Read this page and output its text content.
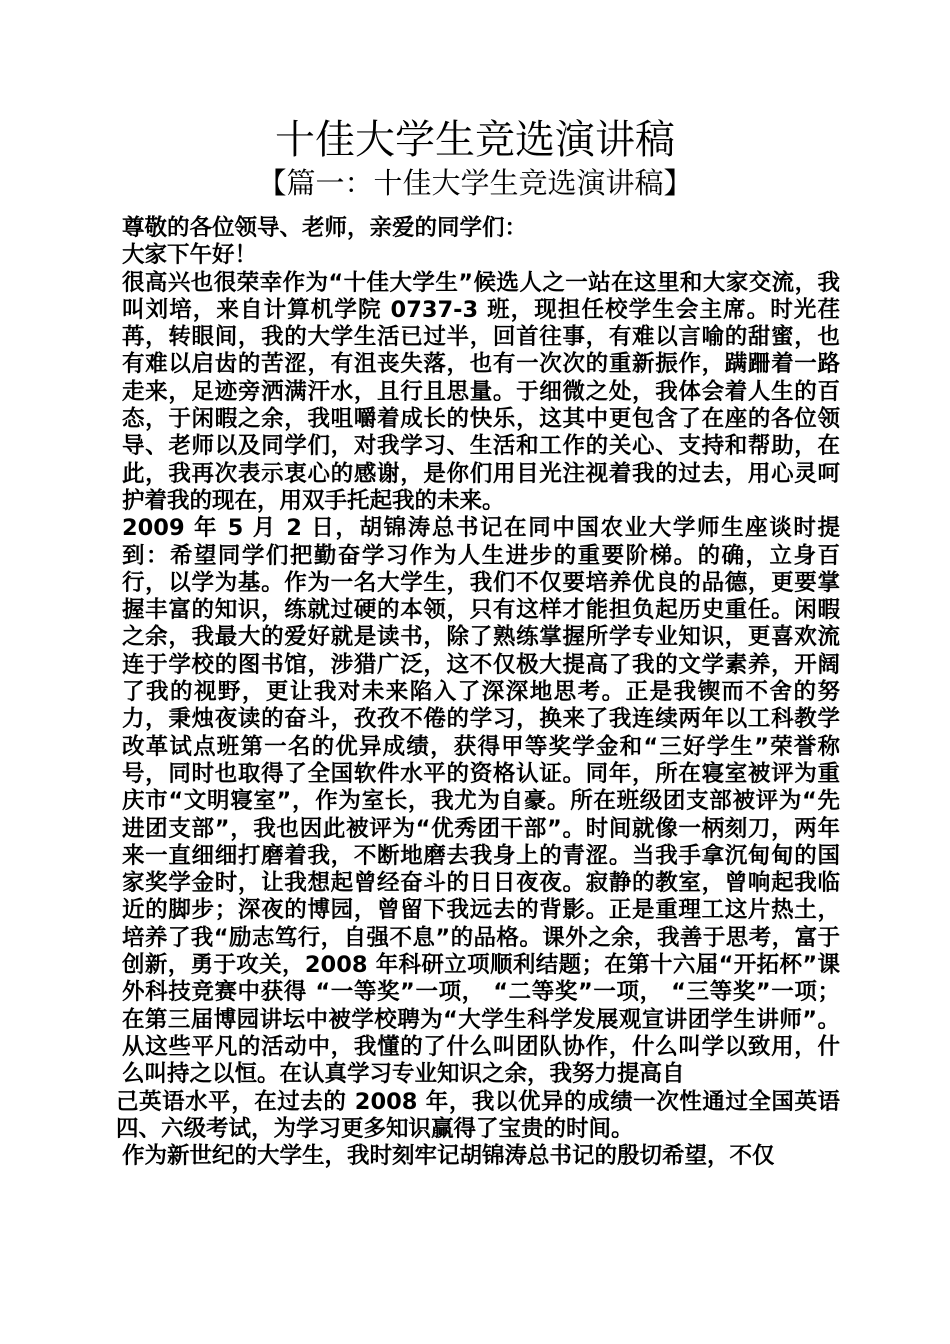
十佳大学生竞选演讲稿
【篇一：十佳大学生竞选演讲稿】

尊敬的各位领导、老师，亲爱的同学们：

大家下午好！

很高兴也很荣幸作为“十佳大学生”候选人之一站在这里和大家交流，我叫刘培，来自计算机学院 0737-3 班，现担任校学生会主席。时光荏苒，转眼间，我的大学生活已过半，回首往事，有难以言喻的甜蜜，也有难以启齿的苦涩，有沮丧失落，也有一次次的重新振作，蹒跚着一路走来，足迹旁洒满汗水，且行且思量。于细微之处，我体会着人生的百态，于闲暇之余，我咀嚼着成长的快乐，这其中更包含了在座的各位领导、老师以及同学们，对我学习、生活和工作的关心、支持和帮助，在此，我再次表示衷心的感谢，是你们用目光注视着我的过去，用心灵呵护着我的现在，用双手托起我的未来。

2009 年 5 月 2 日，胡锦涛总书记在同中国农业大学师生座谈时提到：希望同学们把勤奋学习作为人生进步的重要阶梯。的确，立身百行，以学为基。作为一名大学生，我们不仅要培养优良的品德，更要掌握丰富的知识，练就过硬的本领，只有这样才能担负起历史重任。闲暇之余，我最大的爱好就是读书，除了熟练掌握所学专业知识，更喜欢流连于学校的图书馆，涉猎广泛，这不仅极大提高了我的文学素养，开阔了我的视野，更让我对未来陷入了深深地思考。正是我锲而不舍的努力，秉烛夜读的奋斗，孜孜不倦的学习，换来了我连续两年以工科教学改革试点班第一名的优异成绩，获得甲等奖学金和“三好学生”荣誉称号，同时也取得了全国软件水平的资格认证。同年，所在寝室被评为重庆市“文明寝室”，作为室长，我尤为自豪。所在班级团支部被评为“先进团支部”，我也因此被评为“优秀团干部”。时间就像一柄刻刀，两年来一直细细打磨着我，不断地磨去我身上的青涩。当我手拿沉甸甸的国家奖学金时，让我想起曾经奋斗的日日夜夜。寂静的教室，曾响起我临近的脚步；深夜的博园，曾留下我远去的背影。正是重理工这片热土，培养了我“励志笃行，自强不息”的品格。课外之余，我善于思考，富于创新，勇于攻关，2008 年科研立项顺利结题；在第十六届“开拓杯”课外科技竞赛中获得 “一等奖”一项， “二等奖”一项， “三等奖”一项；在第三届博园讲坛中被学校聘为“大学生科学发展观宣讲团学生讲师”。从这些平凡的活动中，我懂的了什么叫团队协作，什么叫学以致用，什么叫持之以恒。在认真学习专业知识之余，我努力提高自

己英语水平，在过去的 2008 年，我以优异的成绩一次性通过全国英语四、六级考试，为学习更多知识赢得了宝贵的时间。

作为新世纪的大学生，我时刻牢记胡锦涛总书记的殷切希望，不仅
